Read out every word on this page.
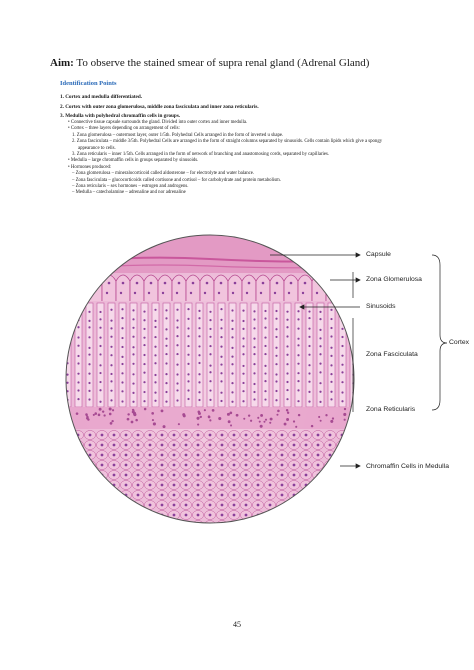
Aim: To observe the stained smear of supra renal gland (Adrenal Gland)
Identification Points
1. Cortex and medulla differentiated.
2. Cortex with outer zona glomerulosa, middle zona fasciculata and inner zona reticularis.
3. Medulla with polyhedral chromaffin cells in groups.
• Connective tissue capsule surrounds the gland. Divided into outer cortex and inner medulla.
• Cortex – three layers depending on arrangement of cells:
1. Zona glomerulosa – outermost layer, outer 1/5th. Polyhedral Cells arranged in the form of inverted u shape.
2. Zona fasciculata – middle 3/5th. Polyhedral Cells are arranged in the form of straight columns separated by sinusoids. Cells contain lipids which give a spongy
appearance to cells.
3. Zona reticularis – inner 1/5th. Cells arranged in the form of network of branching and anastomosing cords, separated by capillaries.
• Medulla – large chromaffin cells in groups separated by sinusoids.
• Hormones produced:
– Zona glomerulosa – mineralocorticoid called aldosterone – for electrolyte and water balance.
– Zona fasciculata – glucocorticoids called cortisone and cortisol – for carbohydrate and protein metabolism.
– Zona reticularis – sex hormones – estrogen and androgens.
– Medulla – catecholamine – adrenaline and nor adrenaline
Capsule
Zona Glomerulosa
Sinusoids
Zona Fasciculata
Zona Reticularis
Chromaffin Cells in Medulla
Cortex
45
